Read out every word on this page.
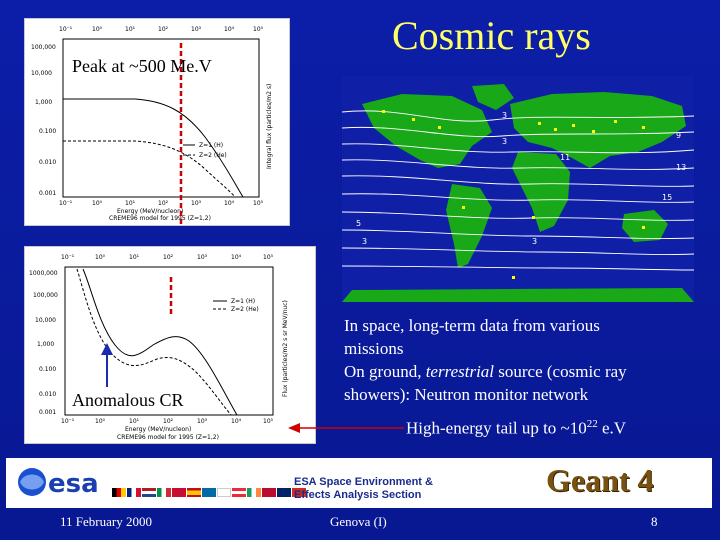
Cosmic rays
10⁻¹	10⁰	10¹	10²	10³	10⁴	10⁵
10⁻¹	10⁰	10¹	10²	10³	10⁴	10⁵
100,000
10,000
1,000
0.100
0.010
0.001
Energy (MeV/nucleon)
CREME96 model for 1995 (Z=1,2)
Integral flux (particles/m2 s)
Z=1 (H)
Z=2 (He)
Peak at ~500 Me.V
10⁻¹	10⁰	10¹	10²	10³	10⁴	10⁵
10⁻¹	10⁰	10¹	10²	10³	10⁴	10⁵
1000,000
100,000
10,000
1,000
0.100
0.010
0.001
Energy (MeV/nucleon)
CREME96 model for 1995 (Z=1,2)
Flux (particles/m2 s sr MeV/nuc)
Z=1 (H)
Z=2 (He)
Anomalous CR
3
3
9
11
13
15
5
3	3
In space, long-term data from various
missions
On ground, terrestrial source (cosmic ray
showers): Neutron monitor network
High-energy tail up to $\sim 10^{22}$ e.V
esa	ESA Space Environment & Effects Analysis Section	Geant 4
11 February 2000	Genova (I)	8
